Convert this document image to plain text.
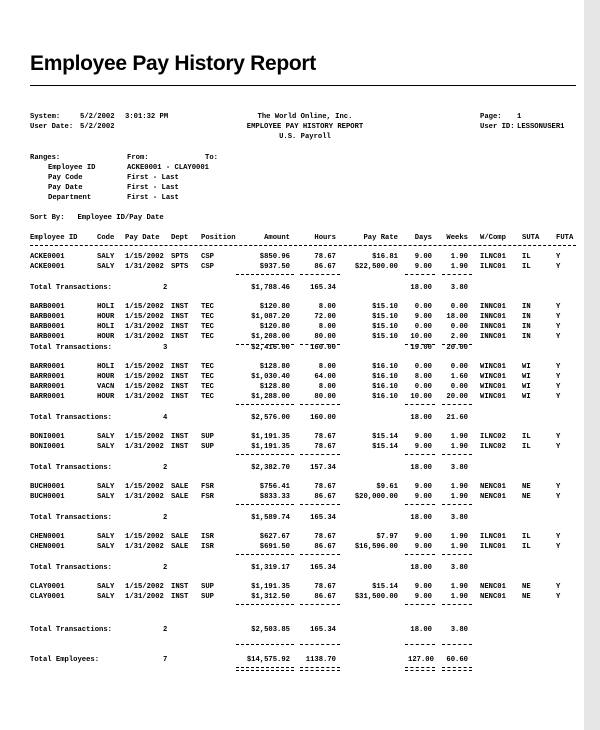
Employee Pay History Report
System:	5/2/2002 3:01:32 PM
User Date: 5/2/2002
The World Online, Inc.
EMPLOYEE PAY HISTORY REPORT
U.S. Payroll
Page: 1
User ID: LESSONUSER1
Ranges:	From:	To:
Employee ID	ACKE0001 - CLAY0001
Pay Code	First - Last
Pay Date	First - Last
Department	First - Last
Sort By:   Employee ID/Pay Date
Employee ID	Code Pay Date Dept Position	Amount	Hours	Pay Rate	Days	Weeks W/Comp SUTA FUTA
ACKE0001	SALY 1/15/2002 SPTS CSP	$850.96	78.67	$16.81	9.00	1.90 ILNC01 IL	Y
ACKE0001	SALY 1/31/2002 SPTS CSP	$937.50	86.67	$22,500.00	9.00	1.90 ILNC01 IL	Y
Total Transactions:	2	$1,788.46	165.34	18.00	3.80
BARB0001	HOLI 1/15/2002 INST TEC	$120.80	8.00	$15.10	0.00	0.00 INNC01 IN	Y
BARB0001	HOUR 1/15/2002 INST TEC	$1,087.20	72.00	$15.10	9.00	18.00 INNC01 IN	Y
BARB0001	HOLI 1/31/2002 INST TEC	$120.80	8.00	$15.10	0.00	0.00 INNC01 IN	Y
BARB0001	HOUR 1/31/2002 INST TEC	$1,208.00	80.00	$15.10	10.00	2.00 INNC01 IN	Y
Total Transactions:	3	$2,416.00	160.00	19.00	20.00
BARR0001	HOLI 1/15/2002 INST TEC	$128.80	8.00	$16.10	0.00	0.00 WINC01 WI	Y
BARR0001	HOUR 1/15/2002 INST TEC	$1,030.40	64.00	$16.10	8.00	1.60 WINC01 WI	Y
BARR0001	VACN 1/15/2002 INST TEC	$128.80	8.00	$16.10	0.00	0.00 WINC01 WI	Y
BARR0001	HOUR 1/31/2002 INST TEC	$1,288.00	80.00	$16.10	10.00	20.00 WINC01 WI	Y
Total Transactions:	4	$2,576.00	160.00	18.00	21.60
BONI0001	SALY 1/15/2002 INST SUP	$1,191.35	78.67	$15.14	9.00	1.90 ILNC02 IL	Y
BONI0001	SALY 1/31/2002 INST SUP	$1,191.35	78.67	$15.14	9.00	1.90 ILNC02 IL	Y
Total Transactions:	2	$2,382.70	157.34	18.00	3.80
BUCH0001	SALY 1/15/2002 SALE FSR	$756.41	78.67	$9.61	9.00	1.90 NENC01 NE	Y
BUCH0001	SALY 1/31/2002 SALE FSR	$833.33	86.67	$20,000.00	9.00	1.90 NENC01 NE	Y
Total Transactions:	2	$1,589.74	165.34	18.00	3.80
CHEN0001	SALY 1/15/2002 SALE ISR	$627.67	78.67	$7.97	9.00	1.90 ILNC01 IL	Y
CHEN0001	SALY 1/31/2002 SALE ISR	$691.50	86.67	$16,596.00	9.00	1.90 ILNC01 IL	Y
Total Transactions:	2	$1,319.17	165.34	18.00	3.80
CLAY0001	SALY 1/15/2002 INST SUP	$1,191.35	78.67	$15.14	9.00	1.90 NENC01 NE	Y
CLAY0001	SALY 1/31/2002 INST SUP	$1,312.50	86.67	$31,500.00	9.00	1.90 NENC01 NE	Y
Total Transactions:	2	$2,503.85	165.34	18.00	3.80
Total Employees:	7	$14,575.92	1138.70	127.00	60.60
